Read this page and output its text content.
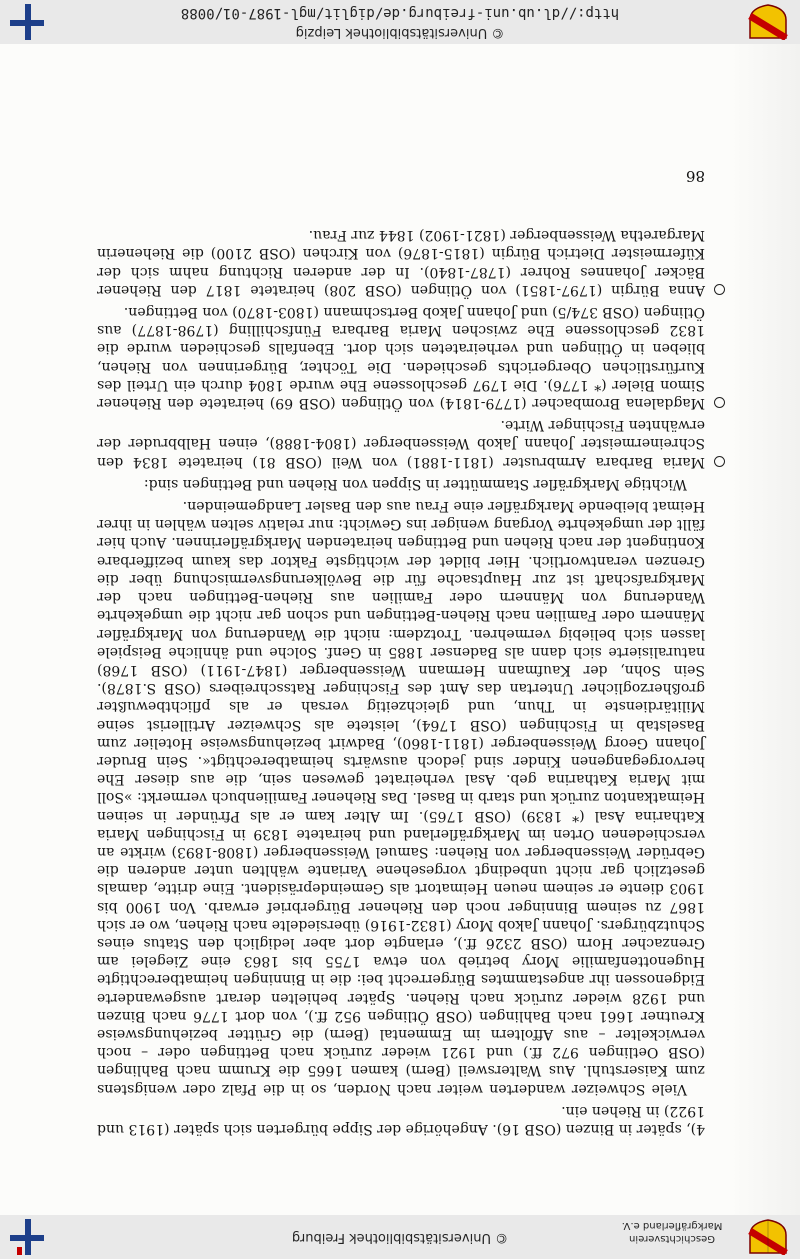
Geschichtsverein Markgräflerland e.V.
© Universitätsbibliothek Freiburg
86

4), später in Binzen (OSB 16). Angehörige der Sippe bürgerten sich später (1913 und 1922) in Riehen ein.

Viele Schweizer wanderten weiter nach Norden, so in die Pfalz oder wenigstens zum Kaiserstuhl. Aus Waltersweil (Bern) kamen 1665 die Krumm nach Bahlingen (OSB Oetlingen 972 ff.) und 1921 wieder zurück nach Bettingen oder – noch verwickelter – aus Affoltern im Emmental (Bern) die Grütter beziehungsweise Kreutner 1661 nach Bahlingen (OSB Ötlingen 952 ff.), von dort 1776 nach Binzen und 1928 wieder zurück nach Riehen. Später behielten derart ausgewanderte Eidgenossen ihr angestammtes Bürgerrecht bei: die in Binningen heimatberechtigte Hugenottenfamilie Mory betrieb von etwa 1755 bis 1863 eine Ziegelei am Grenzacher Horn (OSB 2326 ff.), erlangte dort aber lediglich den Status eines Schutzbürgers. Johann Jakob Mory (1832-1916) übersiedelte nach Riehen, wo er sich 1867 zu seinem Binninger noch den Riehener Bürgerbrief erwarb. Von 1900 bis 1903 diente er seinem neuen Heimatort als Gemeindepräsident. Eine dritte, damals gesetzlich gar nicht unbedingt vorgesehene Variante wählten unter anderen die Gebrüder Weissenberger von Riehen: Samuel Weissenberger (1808-1893) wirkte an verschiedenen Orten im Markgräflerland und heiratete 1839 in Fischingen Maria Katharina Asal (* 1839) (OSB 1765). Im Alter kam er als Pfründer in seinen Heimatkanton zurück und starb in Basel. Das Riehener Familienbuch vermerkt: »Soll mit Maria Katharina geb. Asal verheiratet gewesen sein, die aus dieser Ehe hervorgegangenen Kinder sind jedoch auswärts heimatberechtigt«. Sein Bruder Johann Georg Weissenberger (1811-1860), Badwirt beziehungsweise Hotelier zum Baselstab in Fischingen (OSB 1764), leistete als Schweizer Artillerist seine Militärdienste in Thun, und gleichzeitig versah er als pflichtbewußter großherzoglicher Untertan das Amt des Fischinger Ratsschreibers (OSB S.1878). Sein Sohn, der Kaufmann Hermann Weissenberger (1847-1911) (OSB 1768) naturalisierte sich dann als Badenser 1885 in Genf. Solche und ähnliche Beispiele lassen sich beliebig vermehren. Trotzdem: nicht die Wanderung von Markgräfler Männern oder Familien nach Riehen-Bettingen und schon gar nicht die umgekehrte Wanderung von Männern oder Familien aus Riehen-Bettingen nach der Markgrafschaft ist zur Hauptsache für die Bevölkerungsvermischung über die Grenzen verantwortlich. Hier bildet der wichtigste Faktor das kaum bezifferbare Kontingent der nach Riehen und Bettingen heiratenden Markgräflerinnen. Auch hier fällt der umgekehrte Vorgang weniger ins Gewicht: nur relativ selten wählen in ihrer Heimat bleibende Markgräfler eine Frau aus den Basler Landgemeinden.

Wichtige Markgräfler Stammütter in Sippen von Riehen und Bettingen sind:

Maria Barbara Armbruster (1811-1881) von Weil (OSB 81) heiratete 1834 den Schreinermeister Johann Jakob Weissenberger (1804-1888), einen Halbbruder der erwähnten Fischinger Wirte.

Magdalena Brombacher (1779-1814) von Ötlingen (OSB 69) heiratete den Riehener Simon Bieler (* 1776). Die 1797 geschlossene Ehe wurde 1804 durch ein Urteil des Kurfürstlichen Obergerichts geschieden. Die Töchter, Bürgerinnen von Riehen, blieben in Ötlingen und verheirateten sich dort. Ebenfalls geschieden wurde die 1832 geschlossene Ehe zwischen Maria Barbara Fünfschilling (1798-1877) aus Ötlingen (OSB 374/5) und Johann Jakob Bertschmann (1803-1870) von Bettingen.

Anna Bürgin (1797-1851) von Ötlingen (OSB 208) heiratete 1817 den Riehener Bäcker Johannes Rohrer (1787-1840). In der anderen Richtung nahm sich der Küfermeister Dietrich Bürgin (1815-1876) von Kirchen (OSB 2100) die Riehenerin Margaretha Weissenberger (1821-1902) 1844 zur Frau.

© Universitätsbibliothek Leipzig
http://dl.ub.uni-freiburg.de/diglit/mgl-1987-01/0088
